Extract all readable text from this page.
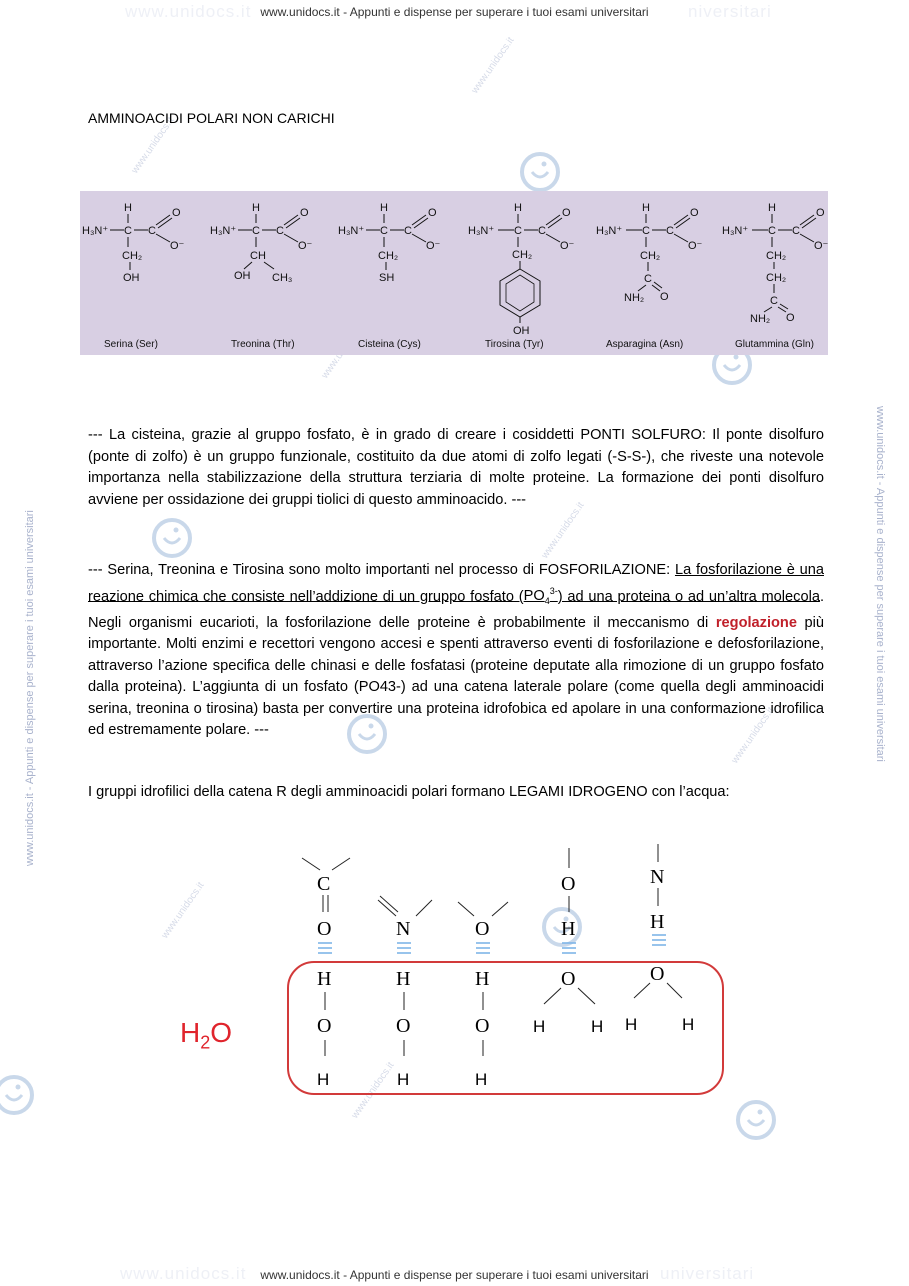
www.unidocs.it	niversitari
www.unidocs.it - Appunti e dispense per superare i tuoi esami universitari
www.unidocs.it - Appunti e dispense per superare i tuoi esami universitari	www.unidocs.it - Appunti e dispense per superare i tuoi esami universitari
www.unidocs.it
www.unidocs.it
www.unidocs.it
www.unidocs.it
www.unidocs.it
www.unidocs.it
AMMINOACIDI POLARI NON CARICHI
H
H₃N⁺ C C
O
O⁻
CH₂
OH
H
H₃N⁺ C C
O
O⁻
CH
OH CH₃
H
H₃N⁺ C C
O
O⁻
CH₂
SH
H
H₃N⁺ C C
O
O⁻
CH₂
OH
H
H₃N⁺ C C
O
O⁻
CH₂
C
NH₂ O
H
H₃N⁺ C C
O
O⁻
CH₂
CH₂
C
NH₂ O
Serina (Ser)	Treonina (Thr)	Cisteina (Cys)	Tirosina (Tyr)	Asparagina (Asn)	Glutammina (Gln)
--- La cisteina, grazie al gruppo fosfato, è in grado di creare i cosiddetti PONTI SOLFURO: Il ponte disolfuro (ponte di zolfo) è un gruppo funzionale, costituito da due atomi di zolfo legati (-S-S-), che riveste una notevole importanza nella stabilizzazione della struttura terziaria di molte proteine. La formazione dei ponti disolfuro avviene per ossidazione dei gruppi tiolici di questo amminoacido. ---
--- Serina, Treonina e Tirosina sono molto importanti nel processo di FOSFORILAZIONE: La fosforilazione è una reazione chimica che consiste nell’addizione di un gruppo fosfato $(PO_4^{3-})$ ad una proteina o ad un’altra molecola. Negli organismi eucarioti, la fosforilazione delle proteine è probabilmente il meccanismo di regolazione più importante. Molti enzimi e recettori vengono accesi e spenti attraverso eventi di fosforilazione e defosforilazione, attraverso l’azione specifica delle chinasi e delle fosfatasi (proteine deputate alla rimozione di un gruppo fosfato dalla proteina). L’aggiunta di un fosfato (PO43-) ad una catena laterale polare (come quella degli amminoacidi serina, treonina o tirosina) basta per convertire una proteina idrofobica ed apolare in una conformazione idrofilica ed estremamente polare. ---
I gruppi idrofilici della catena R degli amminoacidi polari formano LEGAMI IDROGENO con l’acqua:
$H_2O$
C
O	N	O
H
O
H
O
H
O
H	H	H
O
H
O
N
H
O
H	H H	H
www.unidocs.it	universitari
www.unidocs.it - Appunti e dispense per superare i tuoi esami universitari
